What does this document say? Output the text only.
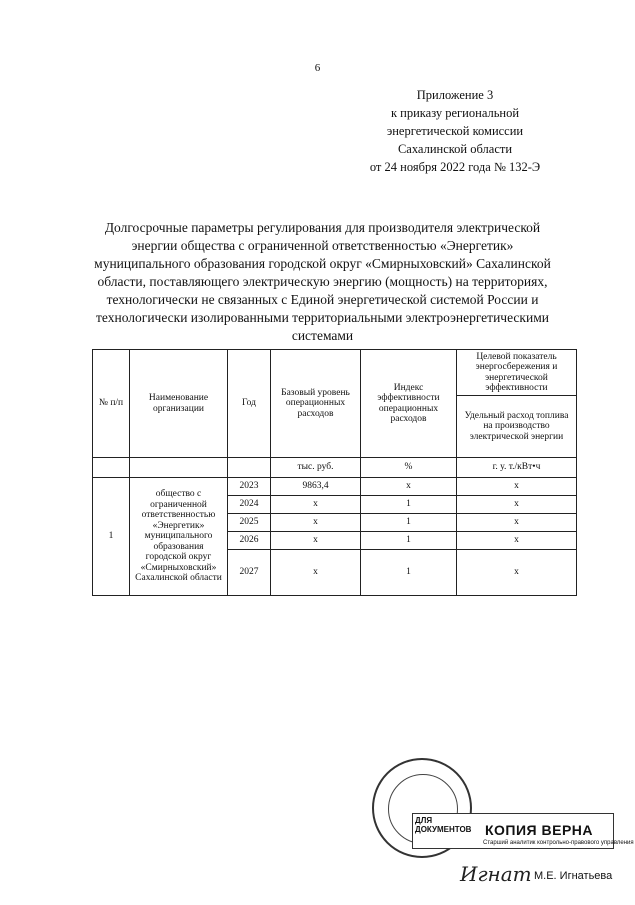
6
Приложение 3
к приказу региональной
энергетической комиссии
Сахалинской области
от 24 ноября 2022 года № 132-Э
Долгосрочные параметры регулирования для производителя электрической
энергии общества с ограниченной ответственностью «Энергетик»
муниципального образования городской округ «Смирныховский» Сахалинской
области, поставляющего электрическую энергию (мощность) на территориях,
технологически не связанных с Единой энергетической системой России и
технологически изолированными территориальными электроэнергетическими
системами
№ п/п	Наименование организации	Год	Базовый уровень операционных расходов	Индекс эффективности операционных расходов	Целевой показатель энергосбережения и энергетической эффективности
					Удельный расход топлива на производство электрической энергии
			тыс. руб.	%	г. у. т./кВт•ч
1	общество с ограниченной ответственностью «Энергетик» муниципального образования городской округ «Смирныховский» Сахалинской области	2023	9863,4	x	x
		2024	x	1	x
		2025	x	1	x
		2026	x	1	x
		2027	x	1	x
ДЛЯ
ДОКУМЕНТОВ КОПИЯ ВЕРНА
Старший аналитик контрольно-правового управления
Игнат М.Е. Игнатьева
